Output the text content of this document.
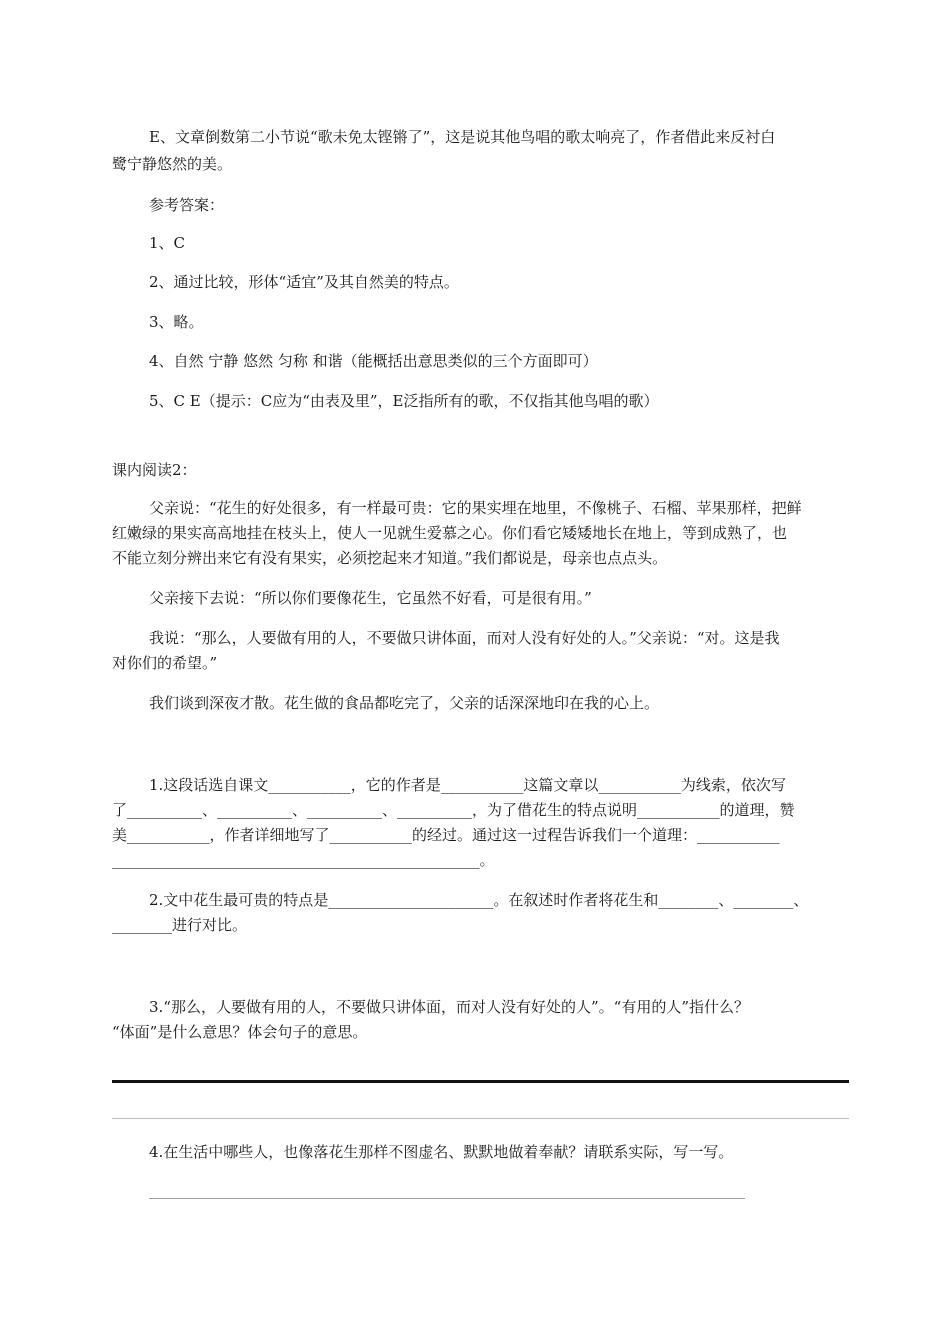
E、文章倒数第二小节说“歌未免太铿锵了”，这是说其他鸟唱的歌太响亮了，作者借此来反衬白
鹭宁静悠然的美。
参考答案：
1、C
2、通过比较，形体“适宜”及其自然美的特点。
3、略。
4、自然 宁静 悠然 匀称 和谐（能概括出意思类似的三个方面即可）
5、C E（提示：C应为“由表及里”，E泛指所有的歌，不仅指其他鸟唱的歌）
课内阅读2：
父亲说：“花生的好处很多，有一样最可贵：它的果实埋在地里，不像桃子、石榴、苹果那样，把鲜
红嫩绿的果实高高地挂在枝头上，使人一见就生爱慕之心。你们看它矮矮地长在地上，等到成熟了，也
不能立刻分辨出来它有没有果实，必须挖起来才知道。”我们都说是，母亲也点点头。
父亲接下去说：“所以你们要像花生，它虽然不好看，可是很有用。”
我说：“那么，人要做有用的人，不要做只讲体面，而对人没有好处的人。”父亲说：“对。这是我
对你们的希望。”
我们谈到深夜才散。花生做的食品都吃完了，父亲的话深深地印在我的心上。
1.这段话选自课文___________，它的作者是___________这篇文章以___________为线索，依次写
了__________、__________、__________、__________，为了借花生的特点说明___________的道理，赞
美___________，作者详细地写了___________的经过。通过这一过程告诉我们一个道理：___________
_________________________________________________。
2.文中花生最可贵的特点是______________________。在叙述时作者将花生和________、________、
________进行对比。
3.“那么，人要做有用的人，不要做只讲体面，而对人没有好处的人”。“有用的人”指什么？
“体面”是什么意思？体会句子的意思。
4.在生活中哪些人，也像落花生那样不图虚名、默默地做着奉献？请联系实际，写一写。
